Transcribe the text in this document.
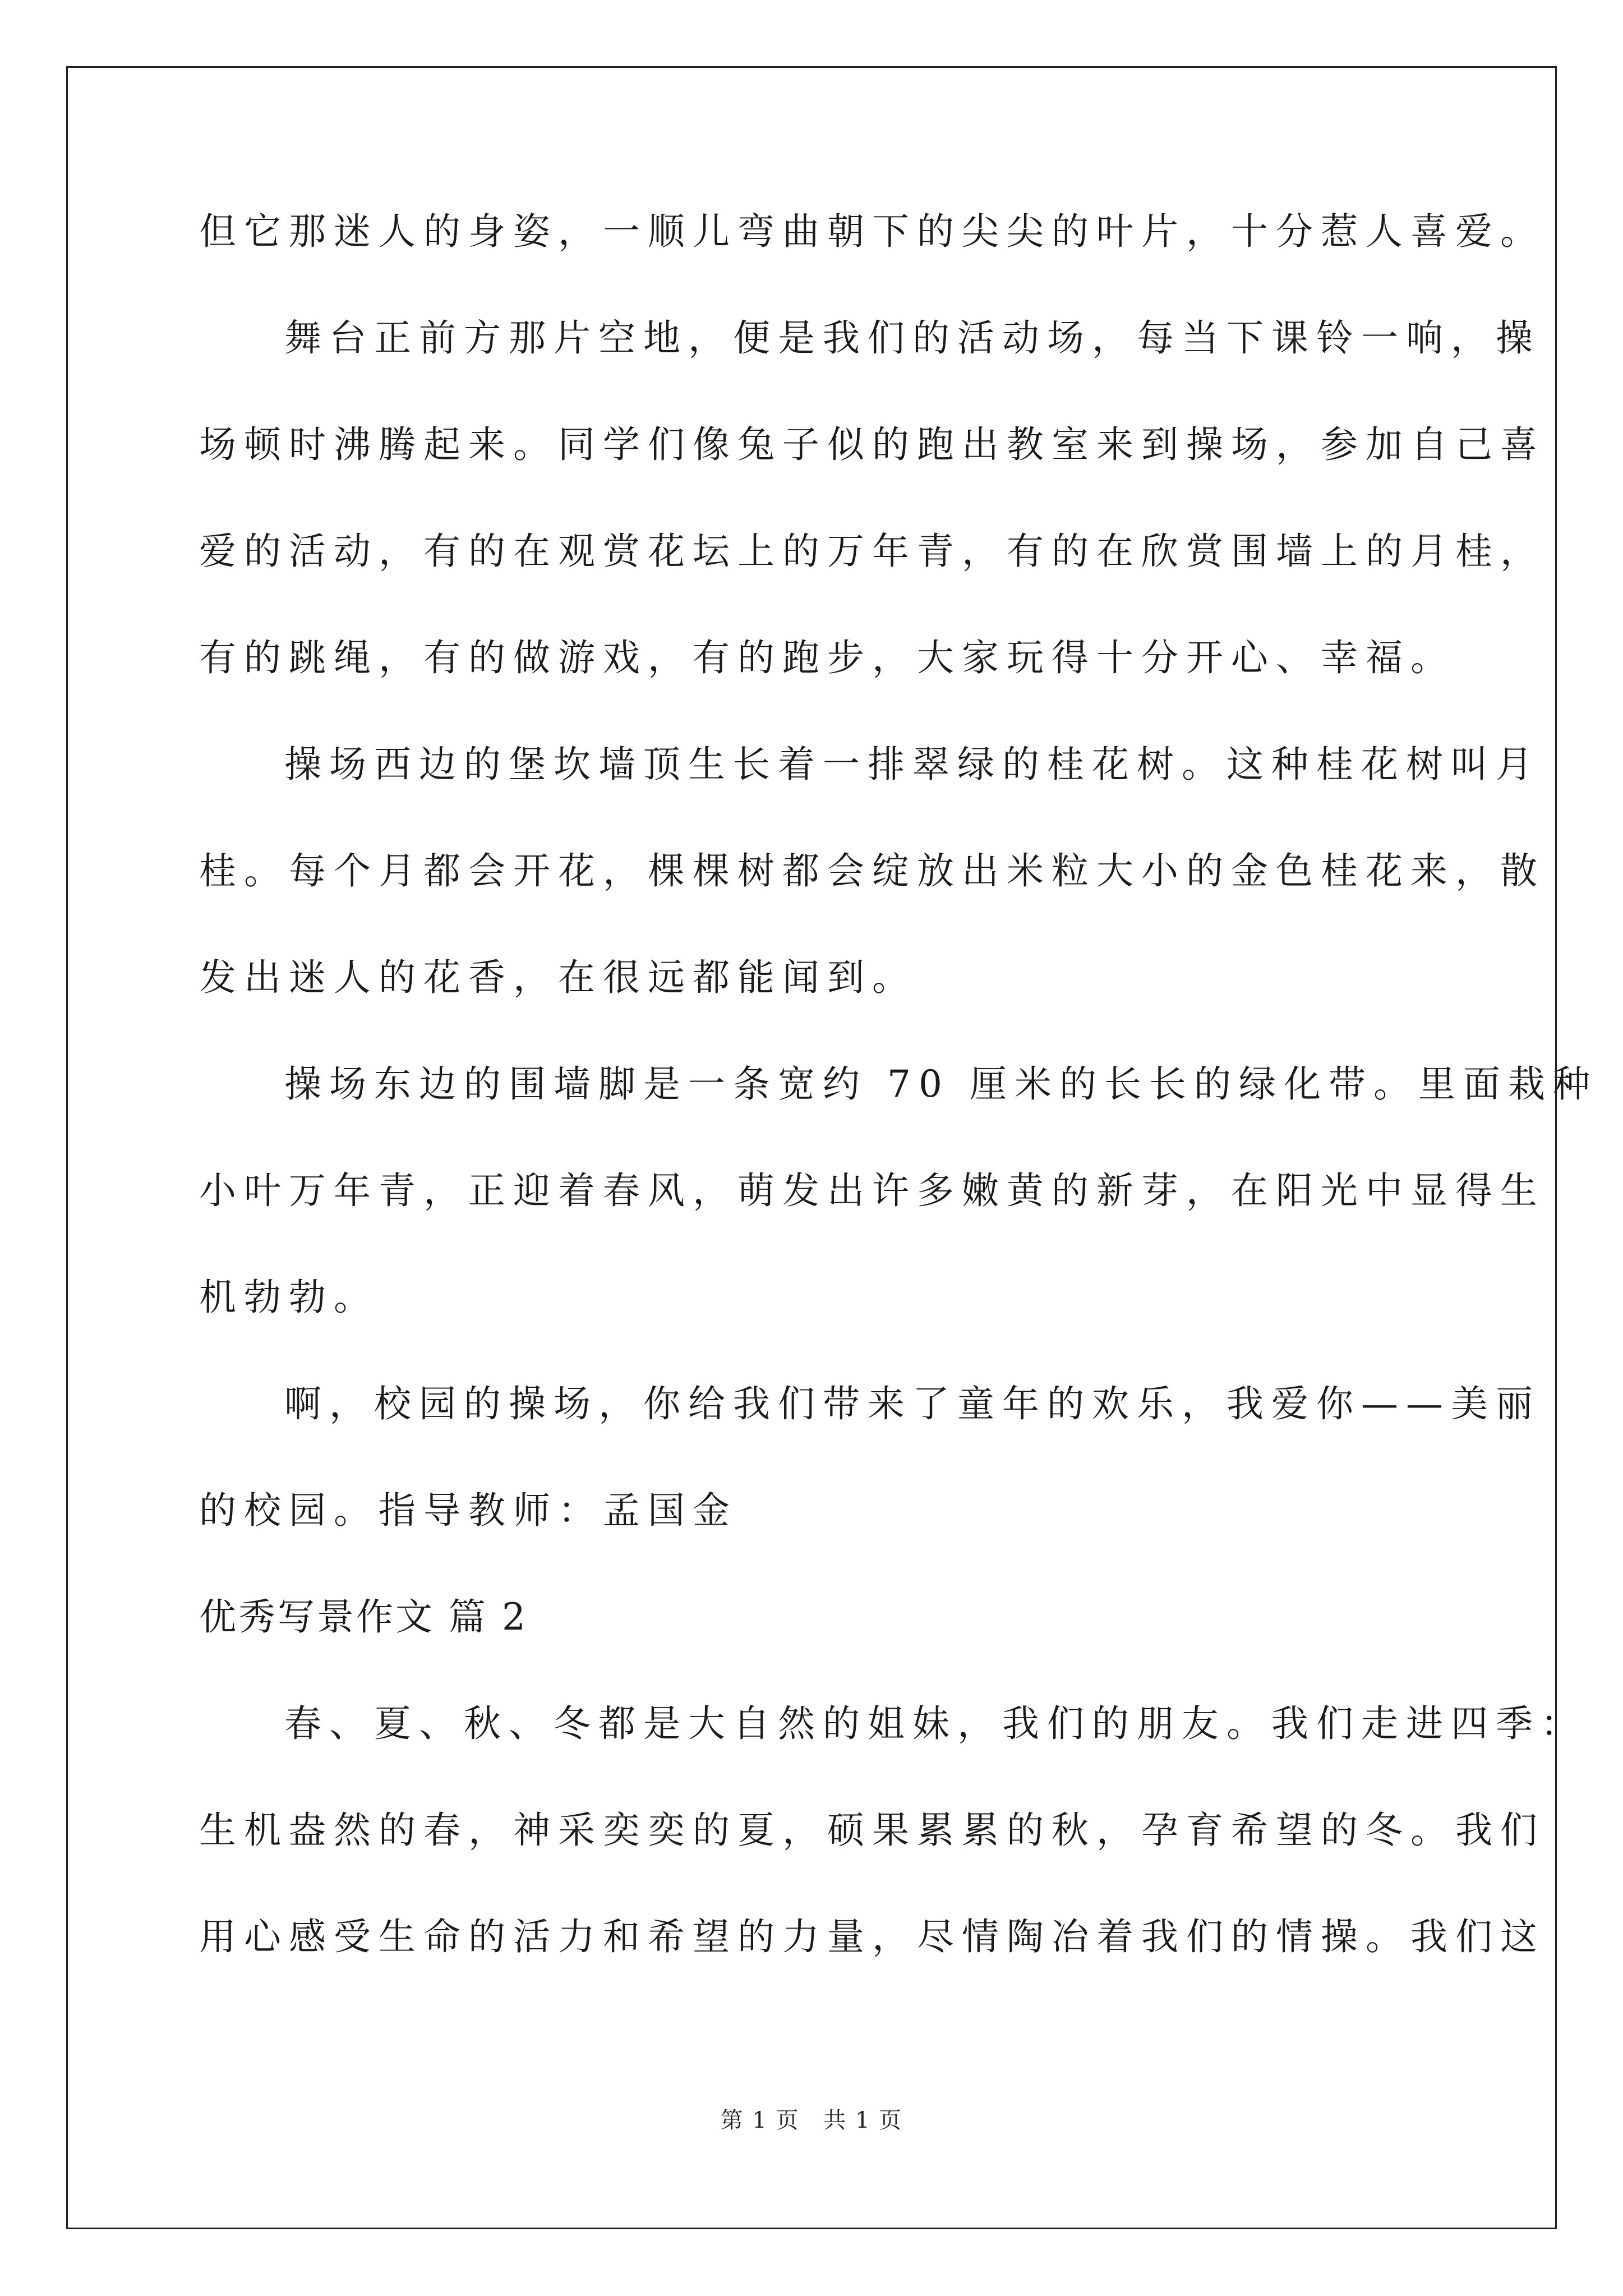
但它那迷人的身姿，一顺儿弯曲朝下的尖尖的叶片，十分惹人喜爱。
舞台正前方那片空地，便是我们的活动场，每当下课铃一响，操
场顿时沸腾起来。同学们像兔子似的跑出教室来到操场，参加自己喜
爱的活动，有的在观赏花坛上的万年青，有的在欣赏围墙上的月桂，
有的跳绳，有的做游戏，有的跑步，大家玩得十分开心、幸福。
操场西边的堡坎墙顶生长着一排翠绿的桂花树。这种桂花树叫月
桂。每个月都会开花，棵棵树都会绽放出米粒大小的金色桂花来，散
发出迷人的花香，在很远都能闻到。
操场东边的围墙脚是一条宽约 70 厘米的长长的绿化带。里面栽种
小叶万年青，正迎着春风，萌发出许多嫩黄的新芽，在阳光中显得生
机勃勃。
啊，校园的操场，你给我们带来了童年的欢乐，我爱你——美丽
的校园。指导教师：孟国金
优秀写景作文 篇 2
春、夏、秋、冬都是大自然的姐妹，我们的朋友。我们走进四季：
生机盎然的春，神采奕奕的夏，硕果累累的秋，孕育希望的冬。我们
用心感受生命的活力和希望的力量，尽情陶冶着我们的情操。我们这
第 1 页 共 1 页
